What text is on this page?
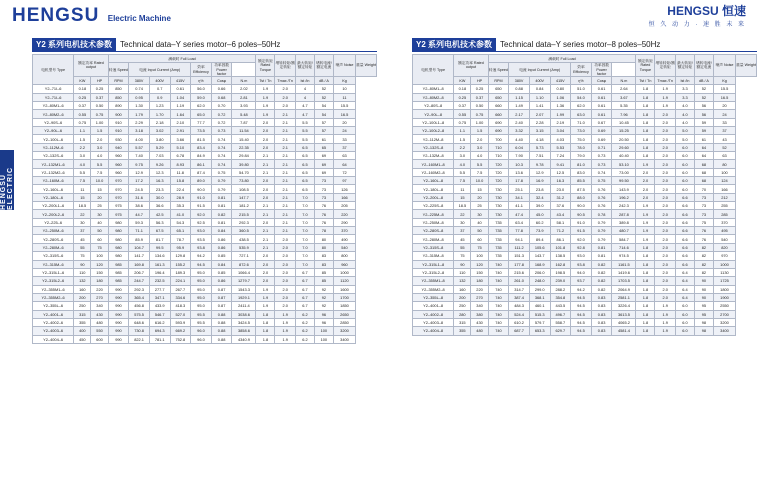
HENGSU Electric Machine
HENGSU 恒速
恒 久 动 力 · 速 胜 未 来
HENGSU ELECTRIC
Y2 系列电机技术参数	Technical data–Y series motor–6 poles–50Hz
电机型号 Type	额定功率 Rated output		满载时 Full Load							额定转矩 Rated Torque	堵转转矩/额定转矩	最大转矩/额定转矩	堵转电流/额定电流	噪声 Noise	重量 Weight
			转速 Speed	电流 Input Current (Amp)			效率 Efficiency	功率因数 Power factor							
	KW	HP	RPM	380V	400V	415V	η%	Cosφ	N.m	Tst / Tn	Tmax /Tn	Ist /In	dB / A	Kg	
Y2–71I–6	0.18	0.25	850	0.74	0.7	0.61	56.0	0.66	2.02	1.9	2.0	4	52	10	
Y2–71I–6	0.25	0.37	850	0.95	0.9	1.04	59.0	0.68	2.81	1.9	2.0	4	52	11	
Y2–80M1–6	0.37	0.50	890	1.30	1.23	1.19	62.0	0.70	3.93	1.9	2.0	4.7	54	15.5	
Y2–80M2–6	0.55	0.75	900	1.79	1.70	1.64	65.0	0.72	5.48	1.9	2.1	4.7	54	16.5	
Y2–90S–6	0.75	1.00	910	2.29	2.18	2.10	77.7	0.72	7.87	2.0	2.1	5.5	57	20	
Y2–90L–6	1.1	1.5	910	3.18	3.02	2.91	73.5	0.73	11.54	2.0	2.1	5.5	57	24	
Y2–100L–6	1.5	2.0	930	4.00	3.80	3.66	81.5	0.74	15.40	2.0	2.1	5.5	61	33	
Y2–112M–6	2.2	3.0	940	5.57	5.29	5.10	83.4	0.74	22.35	2.0	2.1	6.5	65	37	
Y2–132S–6	3.0	4.0	960	7.40	7.03	6.78	84.9	0.74	29.84	2.1	2.1	6.5	69	63	
Y2–132M1–6	4.0	5.5	960	9.75	9.26	8.93	86.1	0.74	39.80	2.1	2.1	6.5	69	64	
Y2–132M2–6	5.5	7.5	960	12.9	12.3	11.8	87.4	0.75	54.70	2.1	2.1	6.5	69	72	
Y2–160M–6	7.5	10.0	970	17.2	16.3	15.8	89.0	0.79	73.80	2.0	2.1	6.5	73	97	
Y2–160L–6	11	15	970	24.5	23.3	22.4	90.0	0.79	108.5	2.0	2.1	6.5	73	126	
Y2–180L–6	15	20	970	31.6	30.0	28.9	91.0	0.81	147.7	2.0	2.1	7.0	73	166	
Y2–200L1–6	18.5	25	975	38.6	36.6	35.3	91.5	0.81	181.2	2.1	2.1	7.0	76	205	
Y2–200L2–6	22	30	975	44.7	42.5	41.0	92.0	0.82	215.5	2.1	2.1	7.0	76	220	
Y2–225–6	30	40	980	59.3	56.3	54.3	92.5	0.81	292.3	2.0	2.1	7.0	76	290	
Y2–250M–6	37	50	980	71.1	67.5	65.1	93.0	0.84	360.5	2.1	2.1	7.0	78	370	
Y2–280S–6	45	60	980	85.9	81.7	78.7	93.5	0.86	438.5	2.1	2.0	7.0	80	490	
Y2–280M–6	55	75	980	104.7	99.5	95.9	93.8	0.86	535.9	2.1	2.0	7.0	80	540	
Y2–315S–6	75	100	980	141.7	134.6	129.8	94.2	0.85	727.1	2.0	2.0	7.0	83	800	
Y2–315M–6	90	120	985	169.8	161.3	155.2	94.5	0.84	872.6	2.0	2.0	7.0	83	960	
Y2–315L1–6	110	150	985	206.7	196.4	189.3	95.0	0.85	1066.4	2.0	2.0	6.7	85	1000	
Y2–315L2–6	132	180	985	244.7	232.5	224.1	95.0	0.86	1279.7	2.0	2.0	6.7	85	1120	
Y2–355M1–6	160	220	990	292.3	277.7	267.7	95.0	0.87	1543.3	1.9	2.0	6.7	92	1600	
Y2–355M2–6	200	270	990	365.4	347.1	334.6	95.0	0.87	1929.1	1.9	2.0	6.7	92	1700	
Y2–355L–6	250	340	990	456.8	433.9	418.3	95.0	0.87	2411.4	1.9	2.0	6.7	92	1850	
Y2–4001–6	315	430	990	575.5	546.7	527.0	95.5	0.88	3038.6	1.8	1.9	6.2	96	2650	
Y2–4002–6	355	480	990	648.6	616.2	593.9	95.5	0.88	3424.5	1.8	1.9	6.2	96	2850	
Y2–4003–6	400	550	990	730.8	694.3	669.2	96.0	0.88	3858.6	1.8	1.9	6.2	100	3200	
Y2–4004–6	450	600	990	822.1	781.1	752.8	96.0	0.88	4340.9	1.8	1.9	6.2	100	3400	
Y2 系列电机技术参数	Technical data–Y series motor–8 poles–50Hz
电机型号 Type	额定功率 Rated output		满载时 Full Load							额定转矩 Rated Torque	堵转转矩/额定转矩	最大转矩/额定转矩	堵转电流/额定电流	噪声 Noise	重量 Weight
			转速 Speed	电流 Input Current (Amp)			效率 Efficiency	功率因数 Power factor							
	KW	HP	RPM	380V	400V	415V	η%	Cosφ	N.m	Tst / Tn	Tmax /Tn	Ist /In	dB / A	Kg	
Y2–80M1–8	0.18	0.25	650	0.88	0.84	0.80	51.0	0.61	2.64	1.8	1.9	3.3	52	15.5	
Y2–80M2–8	0.25	0.37	650	1.15	1.10	1.06	54.0	0.61	3.67	1.8	1.9	3.3	52	16.5	
Y2–80S–8	0.37	0.50	660	1.49	1.41	1.36	62.0	0.61	5.35	1.8	1.9	4.0	56	20	
Y2–90L–8	0.55	0.75	660	2.17	2.07	1.99	63.0	0.61	7.96	1.8	2.0	4.0	56	24	
Y2–100L1–8	0.75	1.00	690	2.40	2.28	2.19	71.0	0.67	10.45	1.8	2.0	4.0	59	33	
Y2–100L2–8	1.1	1.5	690	3.32	3.15	3.04	73.0	0.69	15.25	1.8	2.0	5.0	59	37	
Y2–112M–8	1.5	2.0	700	4.40	4.18	4.03	75.0	0.69	20.50	1.8	2.0	5.0	61	43	
Y2–132S–8	2.2	3.0	710	6.04	5.73	5.53	78.0	0.71	29.60	1.8	2.0	6.0	64	52	
Y2–132M–8	3.0	4.0	710	7.90	7.51	7.24	79.0	0.73	40.40	1.8	2.0	6.0	64	63	
Y2–160M1–8	4.0	5.5	720	10.3	9.78	9.41	81.0	0.73	53.10	1.9	2.0	6.0	68	80	
Y2–160M2–8	5.5	7.5	720	13.6	12.9	12.5	83.0	0.74	73.00	2.0	2.0	6.0	68	100	
Y2–160L–8	7.5	10.0	720	17.8	16.9	16.3	85.5	0.75	99.50	2.0	2.0	6.0	68	124	
Y2–180L–8	11	15	730	25.1	23.8	23.0	87.5	0.76	143.9	2.0	2.0	6.0	70	166	
Y2–200L–8	15	20	730	34.1	32.4	31.2	88.0	0.76	196.2	2.0	2.0	6.6	73	212	
Y2–225S–8	18.5	25	730	41.1	39.0	37.6	90.0	0.76	242.3	1.9	2.0	6.6	73	255	
Y2–225M–8	22	30	730	47.4	45.0	43.4	90.5	0.78	287.8	1.9	2.0	6.6	73	285	
Y2–250M–8	30	40	735	63.4	60.2	58.1	91.0	0.79	389.8	1.9	2.0	6.6	75	370	
Y2–280S–8	37	50	735	77.8	73.9	71.2	91.5	0.79	480.7	1.9	2.0	6.6	76	495	
Y2–280M–8	45	60	735	94.1	89.4	86.1	92.0	0.79	584.7	1.9	2.0	6.6	76	540	
Y2–315S–8	55	75	735	111.2	105.6	101.8	92.8	0.81	714.6	1.8	2.0	6.6	82	820	
Y2–315M–8	75	100	735	151.3	143.7	138.5	93.0	0.81	974.5	1.8	2.0	6.6	82	970	
Y2–315L1–8	90	120	740	177.8	168.9	162.8	93.8	0.82	1161.5	1.8	2.0	6.6	82	1000	
Y2–315L2–8	110	150	740	215.6	206.0	198.5	94.0	0.82	1419.6	1.8	2.0	6.4	82	1130	
Y2–355M1–8	132	180	740	261.0	248.0	239.0	93.7	0.82	1703.5	1.8	2.0	6.4	90	1725	
Y2–355M2–8	160	220	740	314.7	299.0	288.2	94.2	0.82	2064.9	1.8	2.0	6.4	90	1800	
Y2–355L–8	200	270	740	387.4	368.1	354.8	94.5	0.83	2581.1	1.8	2.0	6.4	90	1900	
Y2–4001–8	250	340	740	484.3	460.1	443.5	94.5	0.83	3226.4	1.8	1.9	6.0	95	2550	
Y2–4002–8	280	380	740	524.4	515.3	496.7	94.5	0.83	3613.5	1.8	1.9	6.0	95	2700	
Y2–4003–8	315	430	740	610.2	579.7	558.7	94.5	0.83	4065.2	1.8	1.9	6.0	98	3200	
Y2–4004–8	355	480	740	687.7	653.3	629.7	94.5	0.83	4581.4	1.8	1.9	6.0	98	3400	
